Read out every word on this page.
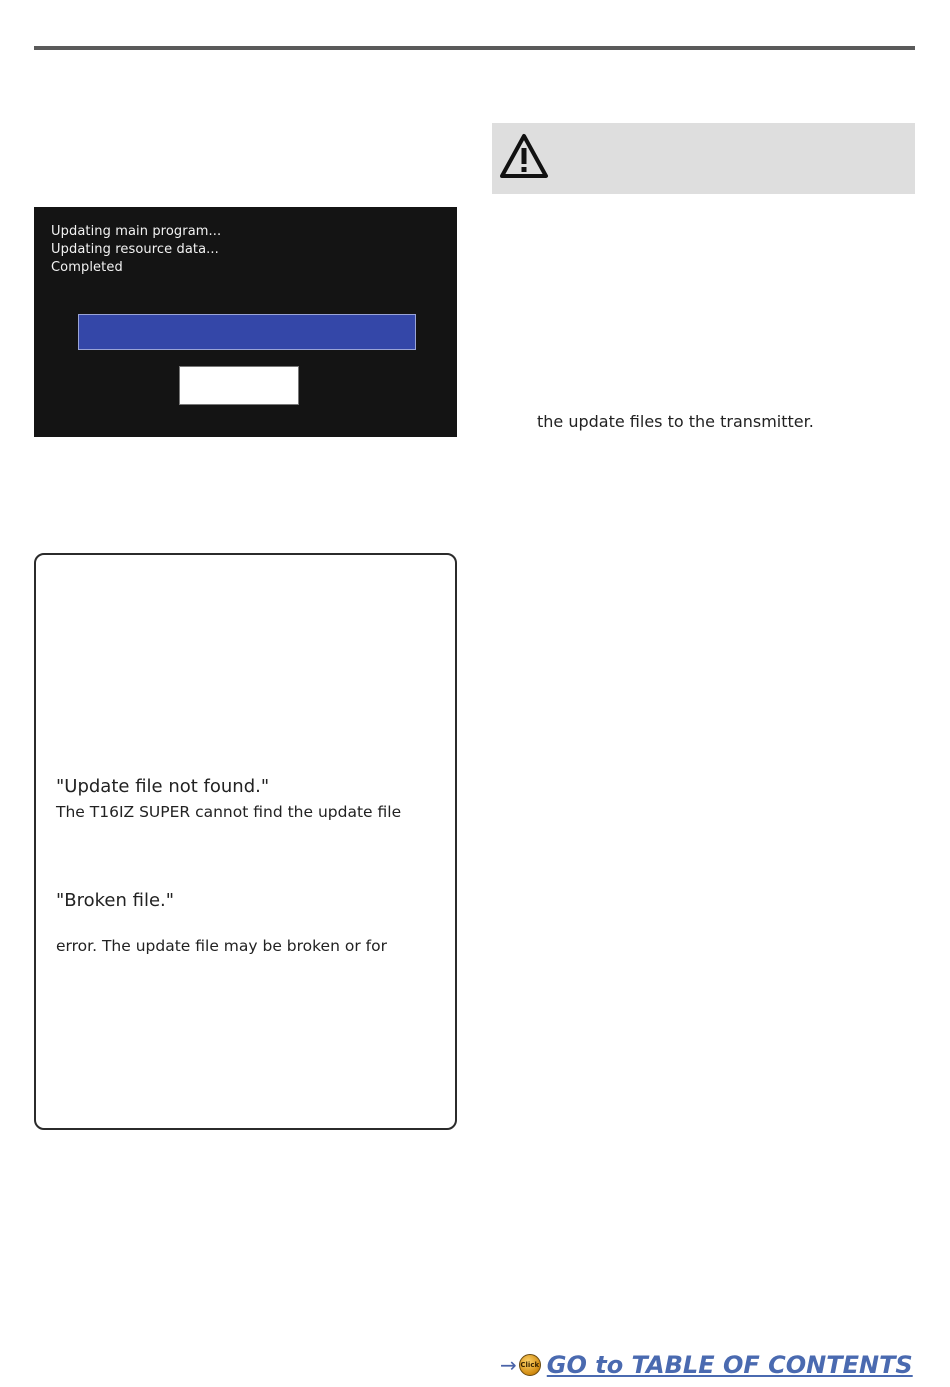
Updating main program...
Updating resource data...
Completed
"Update file not found."
The T16IZ SUPER cannot find the update file
"Broken file."
error. The update file may be broken or for
the update files to the transmitter.
→ Click GO to TABLE OF CONTENTS
